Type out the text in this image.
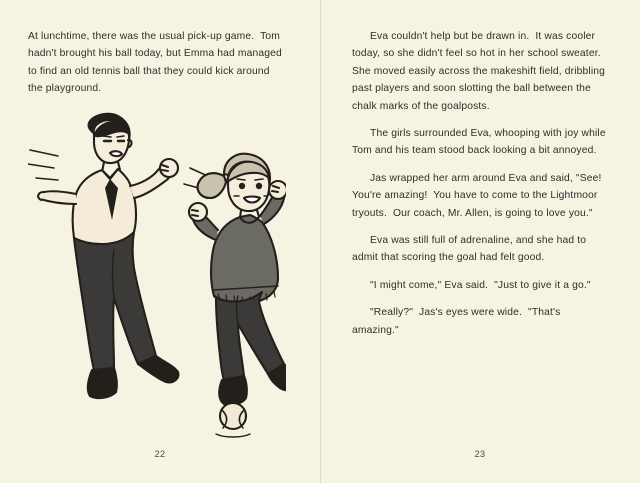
At lunchtime, there was the usual pick-up game.  Tom hadn't brought his ball today, but Emma had managed to find an old tennis ball that they could kick around the playground.

22

Eva couldn't help but be drawn in.  It was cooler today, so she didn't feel so hot in her school sweater.  She moved easily across the makeshift field, dribbling past players and soon slotting the ball between the chalk marks of the goalposts.

The girls surrounded Eva, whooping with joy while Tom and his team stood back looking a bit annoyed.

Jas wrapped her arm around Eva and said, "See!  You're amazing!  You have to come to the Lightmoor tryouts.  Our coach, Mr. Allen, is going to love you."

Eva was still full of adrenaline, and she had to admit that scoring the goal had felt good.

"I might come," Eva said.  "Just to give it a go."

"Really?"  Jas's eyes were wide.  "That's amazing."

23
